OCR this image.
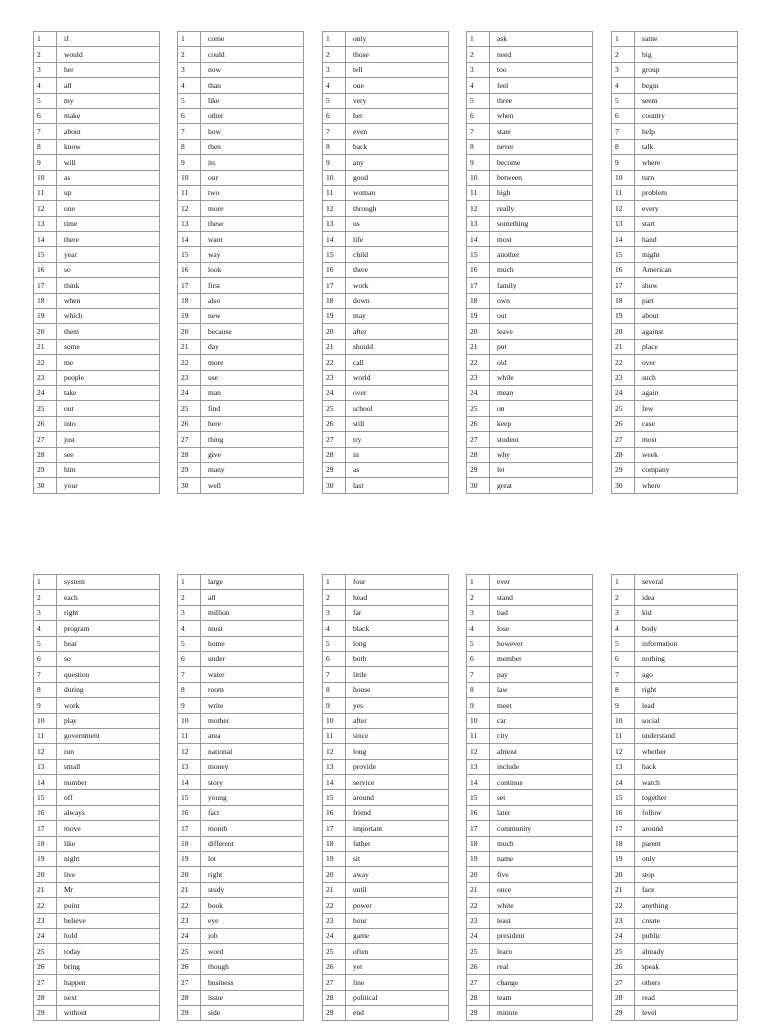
1	if
2	would
3	her
4	all
5	my
6	make
7	about
8	know
9	will
10	as
11	up
12	one
13	time
14	there
15	year
16	so
17	think
18	when
19	which
20	them
21	some
22	me
23	people
24	take
25	out
26	into
27	just
28	see
29	him
30	your
1	come
2	could
3	now
4	than
5	like
6	other
7	how
8	then
9	its
10	our
11	two
12	more
13	these
14	want
15	way
16	look
17	first
18	also
19	new
20	because
21	day
22	more
23	use
24	man
25	find
26	here
27	thing
28	give
29	many
30	well
1	only
2	those
3	tell
4	one
5	very
6	her
7	even
8	back
9	any
10	good
11	woman
12	through
13	us
14	life
15	child
16	there
17	work
18	down
19	may
20	after
21	should
22	call
23	world
24	over
25	school
26	still
27	try
28	in
29	as
30	last
1	ask
2	need
3	too
4	feel
5	three
6	when
7	state
8	never
9	become
10	between
11	high
12	really
13	something
14	most
15	another
16	much
17	family
18	own
19	out
20	leave
21	put
22	old
23	while
24	mean
25	on
26	keep
27	student
28	why
29	let
30	great
1	same
2	big
3	group
4	begin
5	seem
6	country
7	help
8	talk
9	where
10	turn
11	problem
12	every
13	start
14	hand
15	might
16	American
17	show
18	part
19	about
20	against
21	place
22	over
23	such
24	again
25	few
26	case
27	most
28	week
29	company
30	where
1	system
2	each
3	right
4	program
5	hear
6	so
7	question
8	during
9	work
10	play
11	government
12	run
13	small
14	number
15	off
16	always
17	move
18	like
19	night
20	live
21	Mr
22	point
23	believe
24	hold
25	today
26	bring
27	happen
28	next
29	without
1	large
2	all
3	million
4	must
5	home
6	under
7	water
8	room
9	write
10	mother
11	area
12	national
13	money
14	story
15	young
16	fact
17	month
18	different
19	lot
20	right
21	study
22	book
23	eye
24	job
25	word
26	though
27	business
28	issue
29	side
1	four
2	head
3	far
4	black
5	long
6	both
7	little
8	house
9	yes
10	after
11	since
12	long
13	provide
14	service
15	around
16	friend
17	important
18	father
19	sit
20	away
21	until
22	power
23	hour
24	game
25	often
26	yet
27	line
28	political
29	end
1	ever
2	stand
3	bad
4	lose
5	however
6	member
7	pay
8	law
9	meet
10	car
11	city
12	almost
13	include
14	continue
15	set
16	later
17	community
18	much
19	name
20	five
21	once
22	white
23	least
24	president
25	learn
26	real
27	change
28	team
29	minute
1	several
2	idea
3	kid
4	body
5	information
6	nothing
7	ago
8	right
9	lead
10	social
11	understand
12	whether
13	back
14	watch
15	together
16	follow
17	around
18	parent
19	only
20	stop
21	face
22	anything
23	create
24	public
25	already
26	speak
27	others
28	read
29	level
